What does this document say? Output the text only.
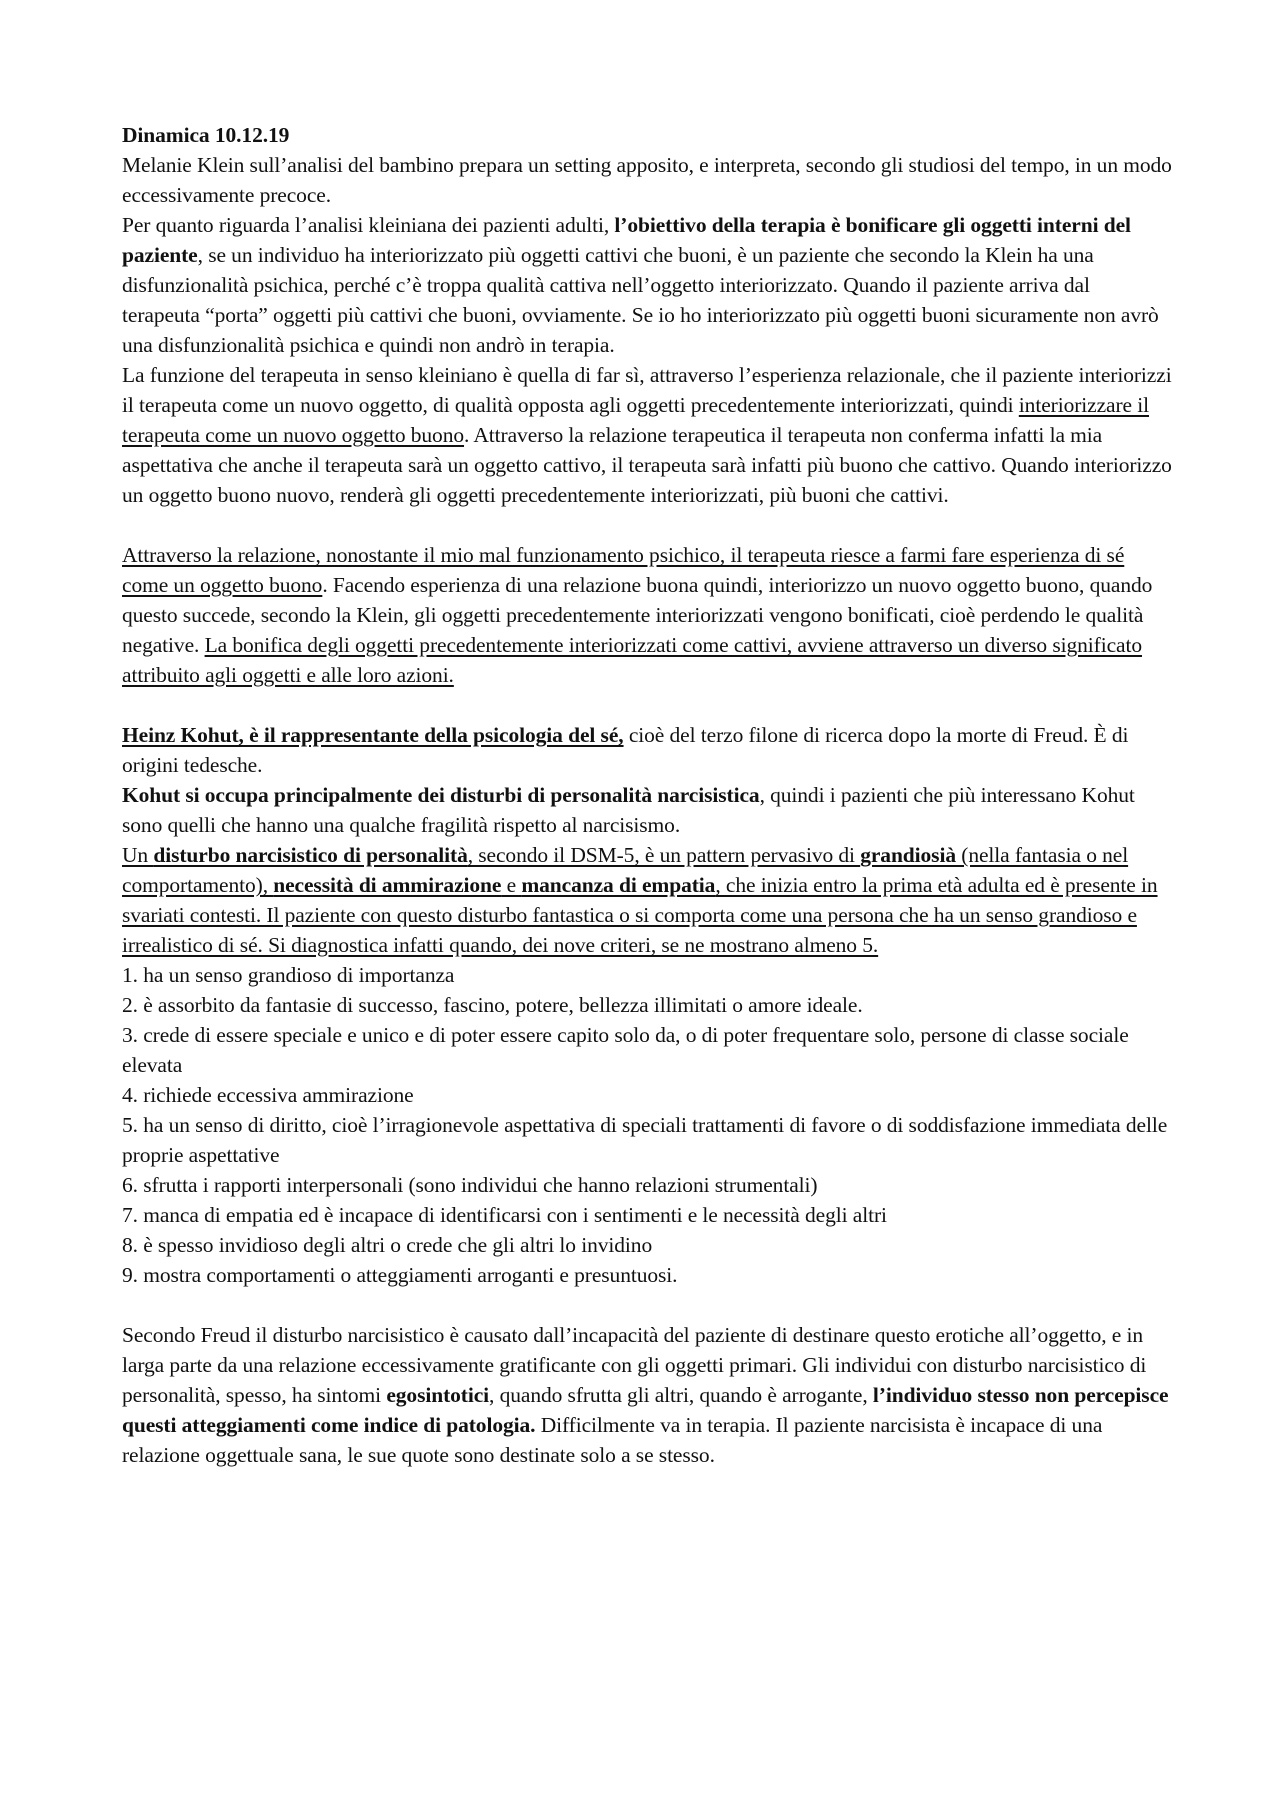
Dinamica 10.12.19

Melanie Klein sull’analisi del bambino prepara un setting apposito, e interpreta, secondo gli studiosi del tempo, in un modo eccessivamente precoce.

Per quanto riguarda l’analisi kleiniana dei pazienti adulti, l’obiettivo della terapia è bonificare gli oggetti interni del paziente, se un individuo ha interiorizzato più oggetti cattivi che buoni, è un paziente che secondo la Klein ha una disfunzionalità psichica, perché c’è troppa qualità cattiva nell’oggetto interiorizzato. Quando il paziente arriva dal terapeuta “porta” oggetti più cattivi che buoni, ovviamente. Se io ho interiorizzato più oggetti buoni sicuramente non avrò una disfunzionalità psichica e quindi non andrò in terapia.

La funzione del terapeuta in senso kleiniano è quella di far sì, attraverso l’esperienza relazionale, che il paziente interiorizzi il terapeuta come un nuovo oggetto, di qualità opposta agli oggetti precedentemente interiorizzati, quindi interiorizzare il terapeuta come un nuovo oggetto buono. Attraverso la relazione terapeutica il terapeuta non conferma infatti la mia aspettativa che anche il terapeuta sarà un oggetto cattivo, il terapeuta sarà infatti più buono che cattivo. Quando interiorizzo un oggetto buono nuovo, renderà gli oggetti precedentemente interiorizzati, più buoni che cattivi.

Attraverso la relazione, nonostante il mio mal funzionamento psichico, il terapeuta riesce a farmi fare esperienza di sé come un oggetto buono. Facendo esperienza di una relazione buona quindi, interiorizzo un nuovo oggetto buono, quando questo succede, secondo la Klein, gli oggetti precedentemente interiorizzati vengono bonificati, cioè perdendo le qualità negative. La bonifica degli oggetti precedentemente interiorizzati come cattivi, avviene attraverso un diverso significato attribuito agli oggetti e alle loro azioni.

Heinz Kohut, è il rappresentante della psicologia del sé, cioè del terzo filone di ricerca dopo la morte di Freud. È di origini tedesche.

Kohut si occupa principalmente dei disturbi di personalità narcisistica, quindi i pazienti che più interessano Kohut sono quelli che hanno una qualche fragilità rispetto al narcisismo.

Un disturbo narcisistico di personalità, secondo il DSM-5, è un pattern pervasivo di grandiosià (nella fantasia o nel comportamento), necessità di ammirazione e mancanza di empatia, che inizia entro la prima età adulta ed è presente in svariati contesti. Il paziente con questo disturbo fantastica o si comporta come una persona che ha un senso grandioso e irrealistico di sé. Si diagnostica infatti quando, dei nove criteri, se ne mostrano almeno 5.

1. ha un senso grandioso di importanza
2. è assorbito da fantasie di successo, fascino, potere, bellezza illimitati o amore ideale.
3. crede di essere speciale e unico e di poter essere capito solo da, o di poter frequentare solo, persone di classe sociale elevata
4. richiede eccessiva ammirazione
5. ha un senso di diritto, cioè l’irragionevole aspettativa di speciali trattamenti di favore o di soddisfazione immediata delle proprie aspettative
6. sfrutta i rapporti interpersonali (sono individui che hanno relazioni strumentali)
7. manca di empatia ed è incapace di identificarsi con i sentimenti e le necessità degli altri
8. è spesso invidioso degli altri o crede che gli altri lo invidino
9. mostra comportamenti o atteggiamenti arroganti e presuntuosi.

Secondo Freud il disturbo narcisistico è causato dall’incapacità del paziente di destinare questo erotiche all’oggetto, e in larga parte da una relazione eccessivamente gratificante con gli oggetti primari. Gli individui con disturbo narcisistico di personalità, spesso, ha sintomi egosintotici, quando sfrutta gli altri, quando è arrogante, l’individuo stesso non percepisce questi atteggiamenti come indice di patologia. Difficilmente va in terapia. Il paziente narcisista è incapace di una relazione oggettuale sana, le sue quote sono destinate solo a se stesso.
